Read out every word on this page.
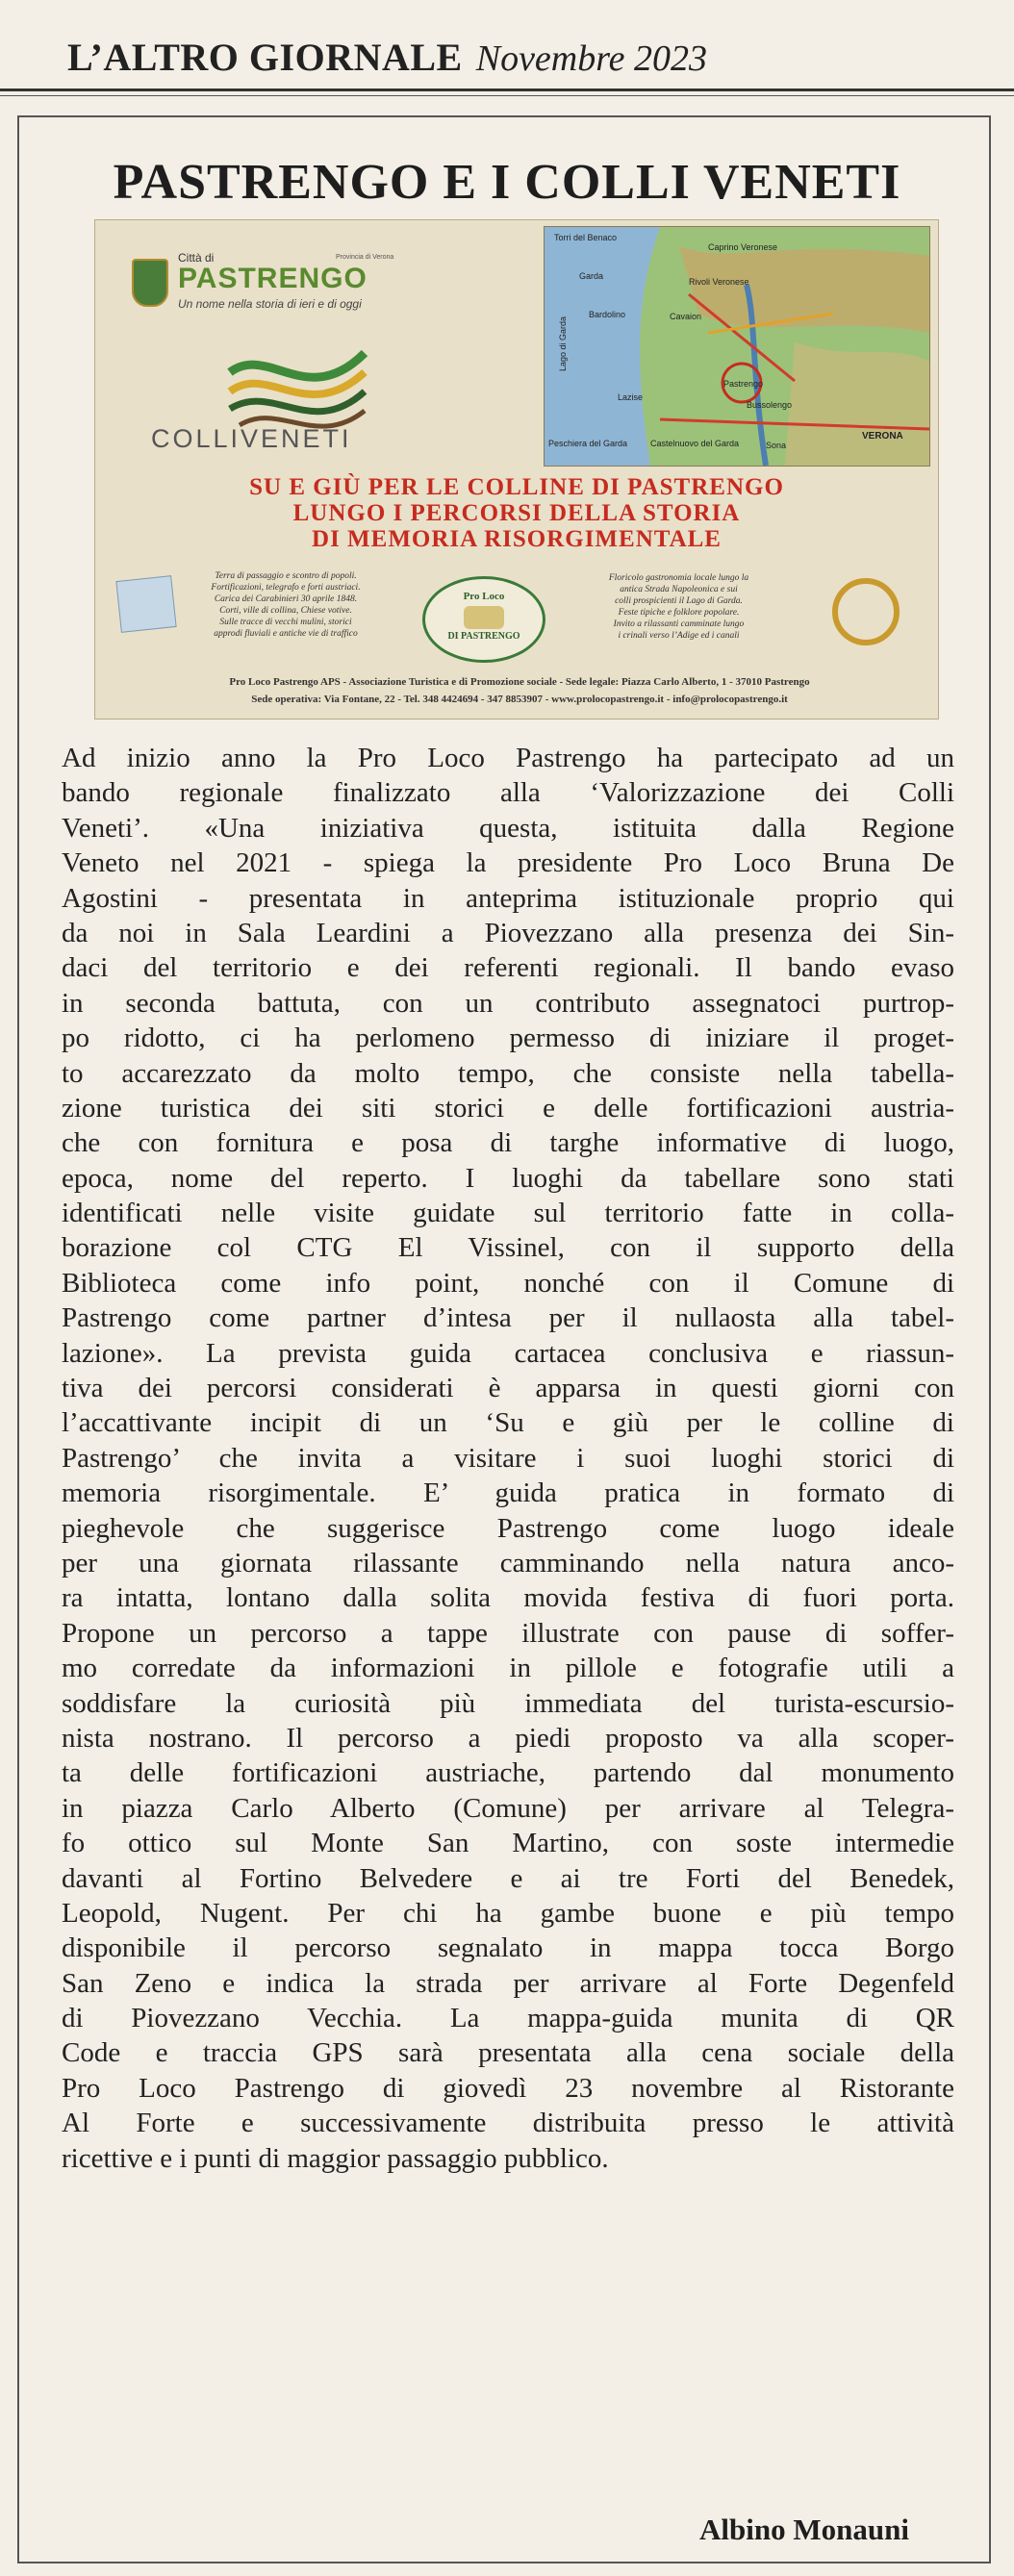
L’ALTRO GIORNALE Novembre 2023
PASTRENGO E I COLLI VENETI
Città di
PASTRENGO
Un nome nella storia di ieri e di oggi
Provincia di Verona
COLLIVENETI
Torri del Benaco
Caprino Veronese
Garda
Rivoli Veronese
Bardolino	Cavaion
Lago di Garda
Lazise
Pastrengo
Bussolengo
Peschiera del Garda	Castelnuovo del Garda	Sona
VERONA
SU E GIÙ PER LE COLLINE DI PASTRENGO
LUNGO I PERCORSI DELLA STORIA
DI MEMORIA RISORGIMENTALE
Terra di passaggio e scontro di popoli.
Fortificazioni, telegrafo e forti austriaci.
Carica dei Carabinieri 30 aprile 1848.
Corti, ville di collina, Chiese votive.
Sulle tracce di vecchi mulini, storici
approdi fluviali e antiche vie di traffico
Pro Loco
DI PASTRENGO
Floricolo gastronomia locale lungo la
antica Strada Napoleonica e sui
colli prospicienti il Lago di Garda.
Feste tipiche e folklore popolare.
Invito a rilassanti camminate lungo
i crinali verso l’Adige ed i canali
Pro Loco Pastrengo APS - Associazione Turistica e di Promozione sociale - Sede legale: Piazza Carlo Alberto, 1 - 37010 Pastrengo
Sede operativa: Via Fontane, 22 - Tel. 348 4424694 - 347 8853907 - www.prolocopastrengo.it - info@prolocopastrengo.it
Ad inizio anno la Pro Loco Pastrengo ha partecipato ad un
bando regionale finalizzato alla ‘Valorizzazione dei Colli
Veneti’. «Una iniziativa questa, istituita dalla Regione
Veneto nel 2021 - spiega la presidente Pro Loco Bruna De
Agostini - presentata in anteprima istituzionale proprio qui
da noi in Sala Leardini a Piovezzano alla presenza dei Sin-
daci del territorio e dei referenti regionali. Il bando evaso
in seconda battuta, con un contributo assegnatoci purtrop-
po ridotto, ci ha perlomeno permesso di iniziare il proget-
to accarezzato da molto tempo, che consiste nella tabella-
zione turistica dei siti storici e delle fortificazioni austria-
che con fornitura e posa di targhe informative di luogo,
epoca, nome del reperto. I luoghi da tabellare sono stati
identificati nelle visite guidate sul territorio fatte in colla-
borazione col CTG El Vissinel, con il supporto della
Biblioteca come info point, nonché con il Comune di
Pastrengo come partner d’intesa per il nullaosta alla tabel-
lazione». La prevista guida cartacea conclusiva e riassun-
tiva dei percorsi considerati è apparsa in questi giorni con
l’accattivante incipit di un ‘Su e giù per le colline di
Pastrengo’ che invita a visitare i suoi luoghi storici di
memoria risorgimentale. E’ guida pratica in formato di
pieghevole che suggerisce Pastrengo come luogo ideale
per una giornata rilassante camminando nella natura anco-
ra intatta, lontano dalla solita movida festiva di fuori porta.
Propone un percorso a tappe illustrate con pause di soffer-
mo corredate da informazioni in pillole e fotografie utili a
soddisfare la curiosità più immediata del turista-escursio-
nista nostrano. Il percorso a piedi proposto va alla scoper-
ta delle fortificazioni austriache, partendo dal monumento
in piazza Carlo Alberto (Comune) per arrivare al Telegra-
fo ottico sul Monte San Martino, con soste intermedie
davanti al Fortino Belvedere e ai tre Forti del Benedek,
Leopold, Nugent. Per chi ha gambe buone e più tempo
disponibile il percorso segnalato in mappa tocca Borgo
San Zeno e indica la strada per arrivare al Forte Degenfeld
di Piovezzano Vecchia. La mappa-guida munita di QR
Code e traccia GPS sarà presentata alla cena sociale della
Pro Loco Pastrengo di giovedì 23 novembre al Ristorante
Al Forte e successivamente distribuita presso le attività
ricettive e i punti di maggior passaggio pubblico.
Albino Monauni
